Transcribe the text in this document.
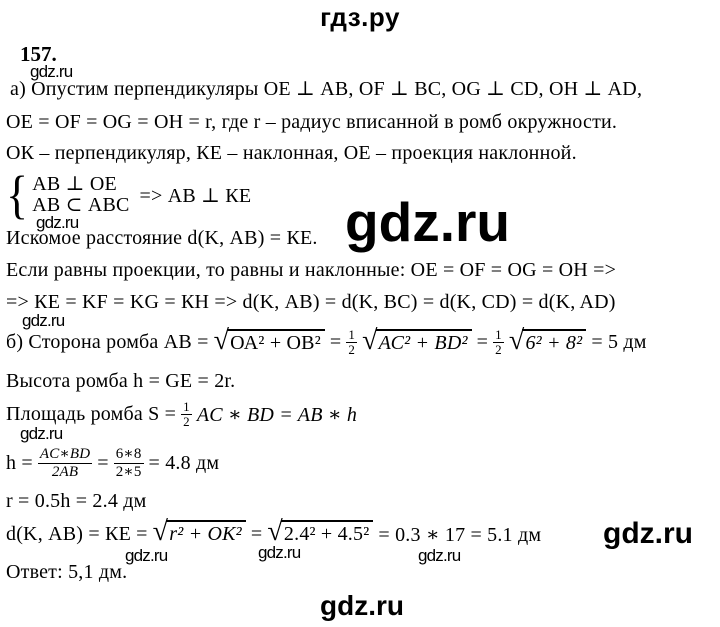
гдз.ру
157.
gdz.ru
а) Опустим перпендикуляры ОЕ ⊥ АВ, OF ⊥ ВС, OG ⊥ CD, ОН ⊥ AD,
ОЕ = OF = OG = ОН = r, где r – радиус вписанной в ромб окружности.
ОК – перпендикуляр, КЕ – наклонная, ОЕ – проекция наклонной.
{ АВ ⊥ ОЕ
АВ ⊂ АВС => АВ ⊥ КЕ
gdz.ru
Искомое расстояние d(K, АВ) = КЕ. gdz.ru
Если равны проекции, то равны и наклонные: ОЕ = OF = OG = ОН =>
=> КЕ = KF = KG = КН => d(K, АВ) = d(K, ВС) = d(K, CD) = d(K, AD)
gdz.ru
б) Сторона ромба АВ = √ $ОА^2 + ОВ^2 = \frac{1}{2}$ √ $АС^2 + BD^2 = \frac{1}{2}$ √ 6² + 8² = 5 дм
Высота ромба h = GE = 2r.
Площадь ромба $S = \frac{1}{2}$ AC ∗ BD = AB ∗ h
gdz.ru
$h = \frac{AC∗BD}{2AB} = \frac{6∗8}{2∗5} = 4.8$ дм
r = 0.5h = 2.4 дм
d(K, АВ) = КЕ = √ r² + ОК² = √ 2.4² + 4.5² = 0.3 ∗ 17 = 5.1 дм gdz.ru
gdz.ru	gdz.ru	gdz.ru
Ответ: 5,1 дм.
gdz.ru
